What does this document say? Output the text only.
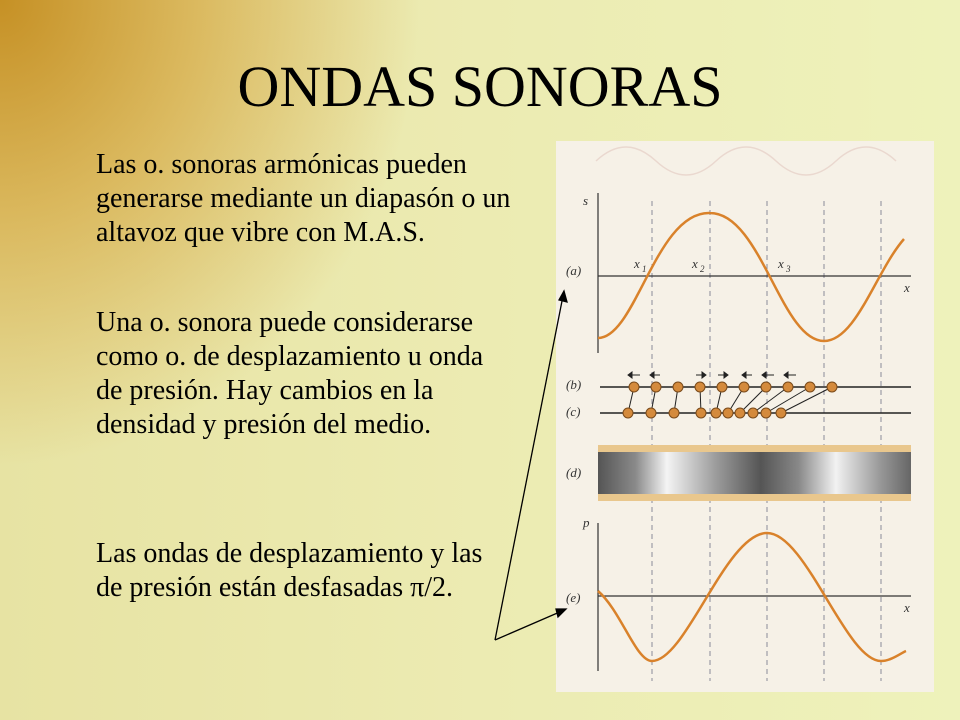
ONDAS SONORAS

Las o. sonoras armónicas pueden generarse mediante un diapasón o un altavoz que vibre con M.A.S.

Una o. sonora puede considerarse como o. de desplazamiento u onda de presión. Hay cambios en la densidad y presión del medio.

Las ondas de desplazamiento y las de presión están desfasadas π/2.

s
x
(a)	x 1	x 2	x 3
(b)
(c)
(d)
p
x
(e)
